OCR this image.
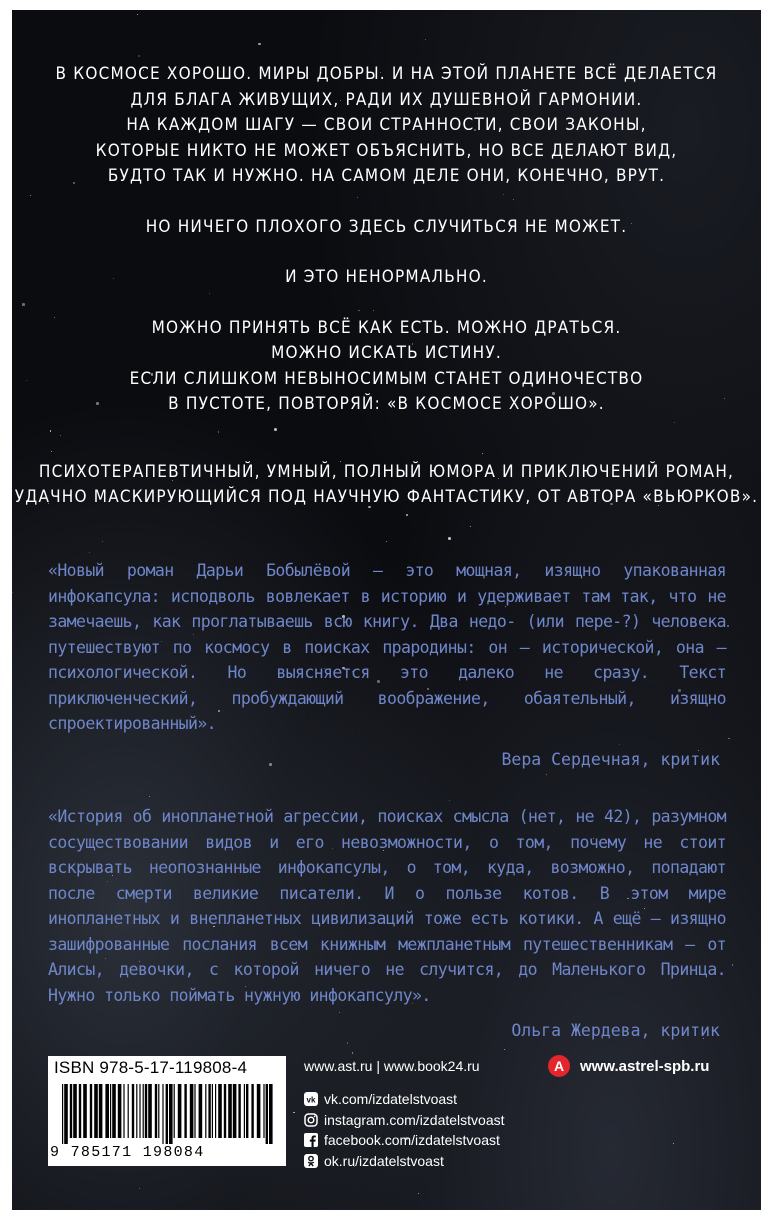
В КОСМОСЕ ХОРОШО. МИРЫ ДОБРЫ. И НА ЭТОЙ ПЛАНЕТЕ ВСЁ ДЕЛАЕТСЯ
ДЛЯ БЛАГА ЖИВУЩИХ, РАДИ ИХ ДУШЕВНОЙ ГАРМОНИИ.
НА КАЖДОМ ШАГУ — СВОИ СТРАННОСТИ, СВОИ ЗАКОНЫ,
КОТОРЫЕ НИКТО НЕ МОЖЕТ ОБЪЯСНИТЬ, НО ВСЕ ДЕЛАЮТ ВИД,
БУДТО ТАК И НУЖНО. НА САМОМ ДЕЛЕ ОНИ, КОНЕЧНО, ВРУТ.

НО НИЧЕГО ПЛОХОГО ЗДЕСЬ СЛУЧИТЬСЯ НЕ МОЖЕТ.

И ЭТО НЕНОРМАЛЬНО.

МОЖНО ПРИНЯТЬ ВСЁ КАК ЕСТЬ. МОЖНО ДРАТЬСЯ.
МОЖНО ИСКАТЬ ИСТИНУ.
ЕСЛИ СЛИШКОМ НЕВЫНОСИМЫМ СТАНЕТ ОДИНОЧЕСТВО
В ПУСТОТЕ, ПОВТОРЯЙ: «В КОСМОСЕ ХОРОШО».

ПСИХОТЕРАПЕВТИЧНЫЙ, УМНЫЙ, ПОЛНЫЙ ЮМОРА И ПРИКЛЮЧЕНИЙ РОМАН,
УДАЧНО МАСКИРУЮЩИЙСЯ ПОД НАУЧНУЮ ФАНТАСТИКУ, ОТ АВТОРА «ВЬЮРКОВ».

«Новый роман Дарьи Бобылёвой — это мощная, изящно упакованная инфокапсула: исподволь вовлекает в историю и удерживает там так, что не замечаешь, как проглатываешь всю книгу. Два недо- (или пере-?) человека путешествуют по космосу в поисках прародины: он — исторической, она — психологической. Но выясняется это далеко не сразу. Текст приключенческий, пробуждающий воображение, обаятельный, изящно спроектированный».

Вера Сердечная, критик

«История об инопланетной агрессии, поисках смысла (нет, не 42), разумном сосуществовании видов и его невозможности, о том, почему не стоит вскрывать неопознанные инфокапсулы, о том, куда, возможно, попадают после смерти великие писатели. И о пользе котов. В этом мире инопланетных и внепланетных цивилизаций тоже есть котики. А ещё — изящно зашифрованные послания всем книжным межпланетным путешественникам — от Алисы, девочки, с которой ничего не случится, до Маленького Принца. Нужно только поймать нужную инфокапсулу».

Ольга Жердева, критик
ISBN 978-5-17-119808-4
9 785171 198084
www.ast.ru | www.book24.ru
vk vk.com/izdatelstvoast
instagram.com/izdatelstvoast
facebook.com/izdatelstvoast
ok.ru/izdatelstvoast
А	www.astrel-spb.ru
